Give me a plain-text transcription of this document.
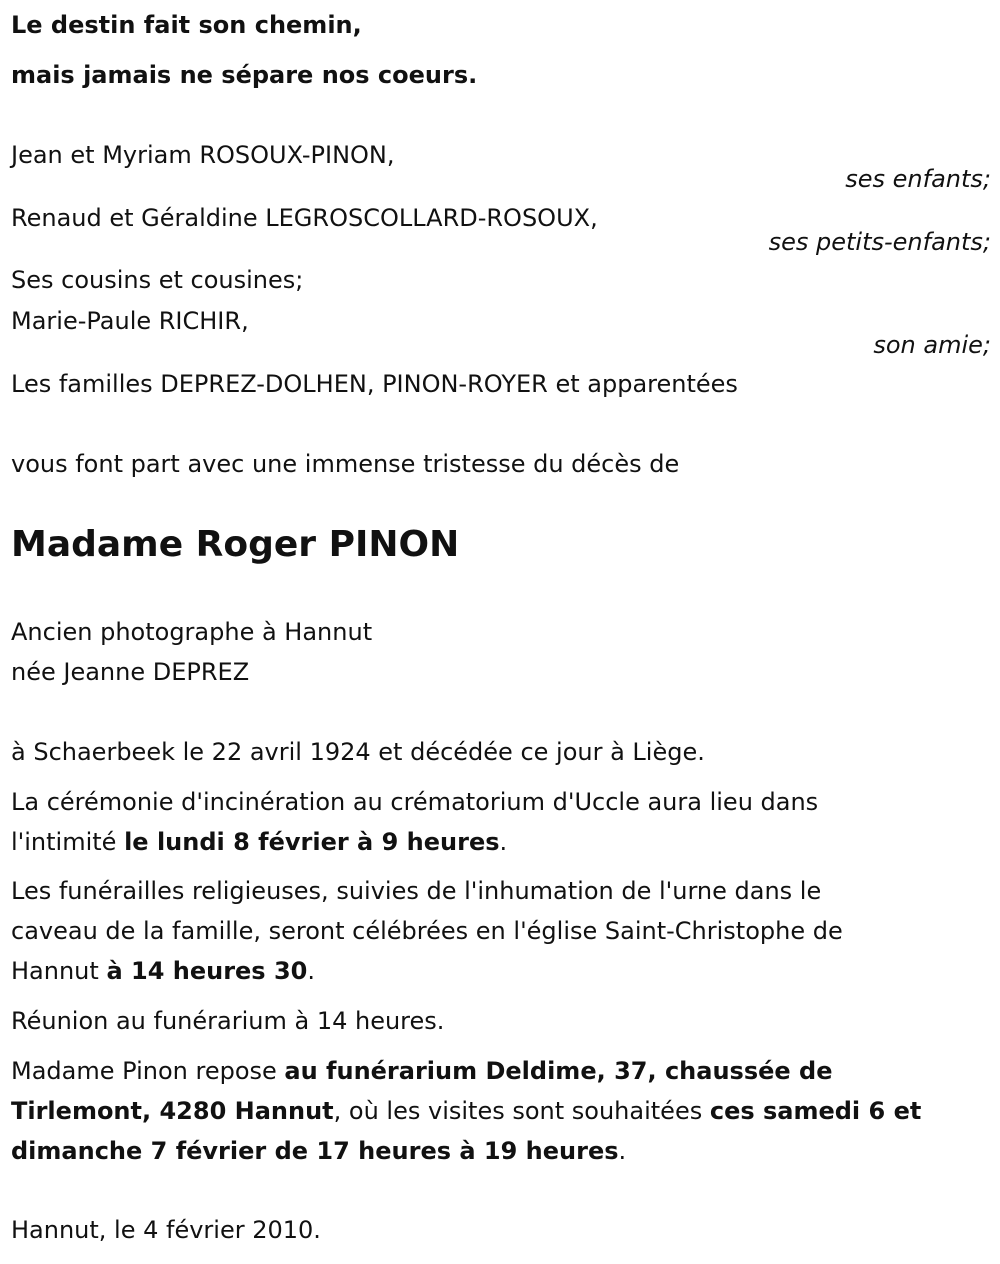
Le destin fait son chemin,
mais jamais ne sépare nos coeurs.
Jean et Myriam ROSOUX-PINON,
ses enfants;
Renaud et Géraldine LEGROSCOLLARD-ROSOUX,
ses petits-enfants;
Ses cousins et cousines;
Marie-Paule RICHIR,
son amie;
Les familles DEPREZ-DOLHEN, PINON-ROYER et apparentées
vous font part avec une immense tristesse du décès de
Madame Roger PINON
Ancien photographe à Hannut
née Jeanne DEPREZ
à Schaerbeek le 22 avril 1924 et décédée ce jour à Liège.
La cérémonie d'incinération au crématorium d'Uccle aura lieu dans
l'intimité le lundi 8 février à 9 heures.
Les funérailles religieuses, suivies de l'inhumation de l'urne dans le
caveau de la famille, seront célébrées en l'église Saint-Christophe de
Hannut à 14 heures 30.
Réunion au funérarium à 14 heures.
Madame Pinon repose au funérarium Deldime, 37, chaussée de
Tirlemont, 4280 Hannut, où les visites sont souhaitées ces samedi 6 et
dimanche 7 février de 17 heures à 19 heures.
Hannut, le 4 février 2010.
